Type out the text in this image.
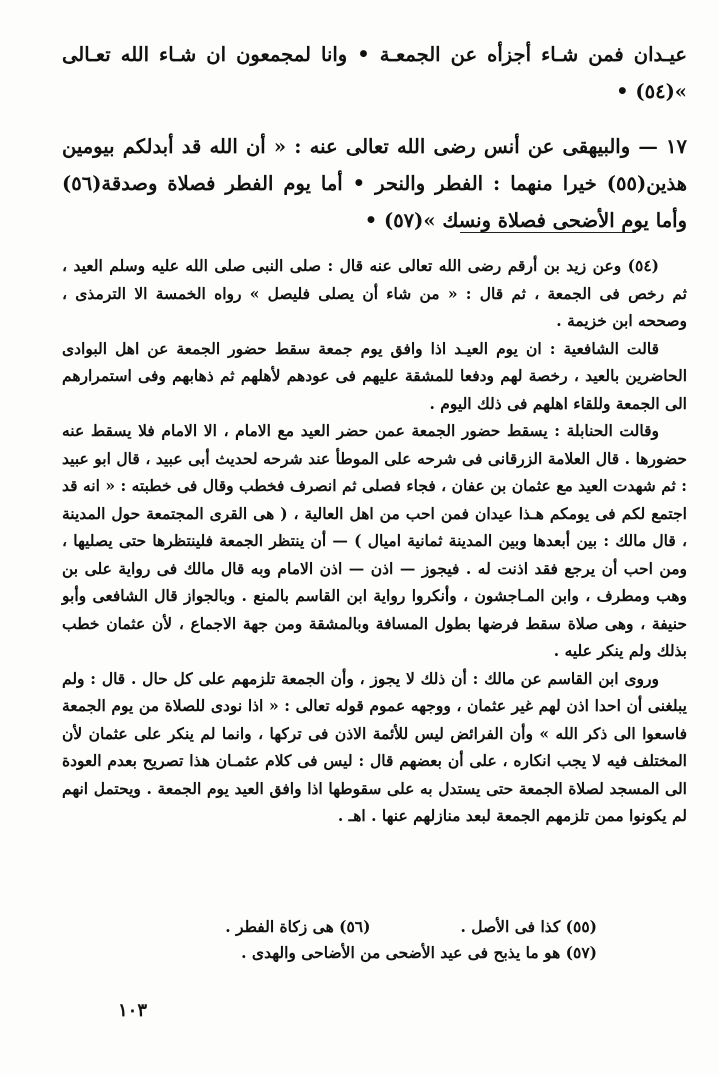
عيـدان فمن شـاء أجزأه عن الجمعـة • وانا لمجمعون ان شـاء الله تعـالى »(٥٤) •

١٧ — والبيهقى عن أنس رضى الله تعالى عنه : « أن الله قد أبدلكم بيومين هذين(٥٥) خيرا منهما : الفطر والنحر • أما يوم الفطر فصلاة وصدقة(٥٦) وأما يوم الأضحى فصلاة ونسك »(٥٧) •

(٥٤) وعن زيد بن أرقم رضى الله تعالى عنه قال : صلى النبى صلى الله عليه وسلم العيد ، ثم رخص فى الجمعة ، ثم قال : « من شاء أن يصلى فليصل » رواه الخمسة الا الترمذى ، وصححه ابن خزيمة .

قالت الشافعية : ان يوم العيـد اذا وافق يوم جمعة سقط حضور الجمعة عن اهل البوادى الحاضرين بالعيد ، رخصة لهم ودفعا للمشقة عليهم فى عودهم لأهلهم ثم ذهابهم وفى استمرارهم الى الجمعة وللقاء اهلهم فى ذلك اليوم .

وقالت الحنابلة : يسقط حضور الجمعة عمن حضر العيد مع الامام ، الا الامام فلا يسقط عنه حضورها . قال العلامة الزرقانى فى شرحه على الموطأ عند شرحه لحديث أبى عبيد ، قال ابو عبيد : ثم شهدت العيد مع عثمان بن عفان ، فجاء فصلى ثم انصرف فخطب وقال فى خطبته : « انه قد اجتمع لكم فى يومكم هـذا عيدان فمن احب من اهل العالية ، ( هى القرى المجتمعة حول المدينة ، قال مالك : بين أبعدها وبين المدينة ثمانية اميال ) — أن ينتظر الجمعة فلينتظرها حتى يصليها ، ومن احب أن يرجع فقد اذنت له . فيجوز — اذن — اذن الامام وبه قال مالك فى رواية على بن وهب ومطرف ، وابن المـاجشون ، وأنكروا رواية ابن القاسم بالمنع . وبالجواز قال الشافعى وأبو حنيفة ، وهى صلاة سقط فرضها بطول المسافة وبالمشقة ومن جهة الاجماع ، لأن عثمان خطب بذلك ولم ينكر عليه .

وروى ابن القاسم عن مالك : أن ذلك لا يجوز ، وأن الجمعة تلزمهم على كل حال . قال : ولم يبلغنى أن احدا اذن لهم غير عثمان ، ووجهه عموم قوله تعالى : « اذا نودى للصلاة من يوم الجمعة فاسعوا الى ذكر الله » وأن الفرائض ليس للأئمة الاذن فى تركها ، وانما لم ينكر على عثمان لأن المختلف فيه لا يجب انكاره ، على أن بعضهم قال : ليس فى كلام عثمـان هذا تصريح بعدم العودة الى المسجد لصلاة الجمعة حتى يستدل به على سقوطها اذا وافق العيد يوم الجمعة . ويحتمل انهم لم يكونوا ممن تلزمهم الجمعة لبعد منازلهم عنها . اهـ .

(٥٥) كذا فى الأصل .
(٥٦) هى زكاة الفطر .
(٥٧) هو ما يذبح فى عيد الأضحى من الأضاحى والهدى .
١٠٣
